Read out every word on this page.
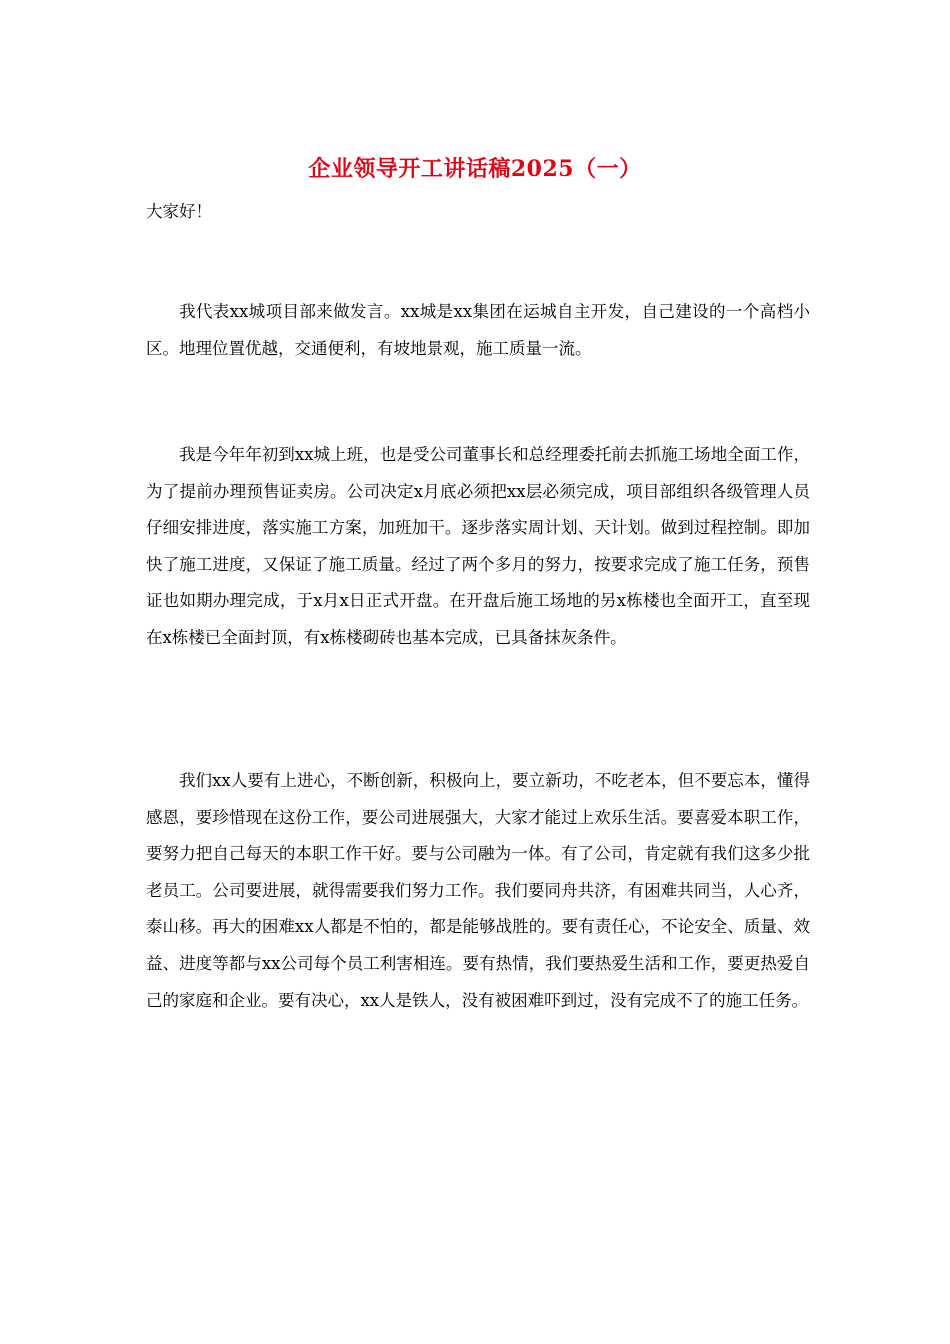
企业领导开工讲话稿2025（一）
大家好！

我代表xx城项目部来做发言。xx城是xx集团在运城自主开发，自己建设的一个高档小区。地理位置优越，交通便利，有坡地景观，施工质量一流。

我是今年年初到xx城上班，也是受公司董事长和总经理委托前去抓施工场地全面工作，为了提前办理预售证卖房。公司决定x月底必须把xx层必须完成，项目部组织各级管理人员仔细安排进度，落实施工方案，加班加干。逐步落实周计划、天计划。做到过程控制。即加快了施工进度，又保证了施工质量。经过了两个多月的努力，按要求完成了施工任务，预售证也如期办理完成，于x月x日正式开盘。在开盘后施工场地的另x栋楼也全面开工，直至现在x栋楼已全面封顶，有x栋楼砌砖也基本完成，已具备抹灰条件。

我们xx人要有上进心，不断创新，积极向上，要立新功，不吃老本，但不要忘本，懂得感恩，要珍惜现在这份工作，要公司进展强大，大家才能过上欢乐生活。要喜爱本职工作，要努力把自己每天的本职工作干好。要与公司融为一体。有了公司，肯定就有我们这多少批老员工。公司要进展，就得需要我们努力工作。我们要同舟共济，有困难共同当，人心齐，泰山移。再大的困难xx人都是不怕的，都是能够战胜的。要有责任心，不论安全、质量、效益、进度等都与xx公司每个员工利害相连。要有热情，我们要热爱生活和工作，要更热爱自己的家庭和企业。要有决心，xx人是铁人，没有被困难吓到过，没有完成不了的施工任务。
